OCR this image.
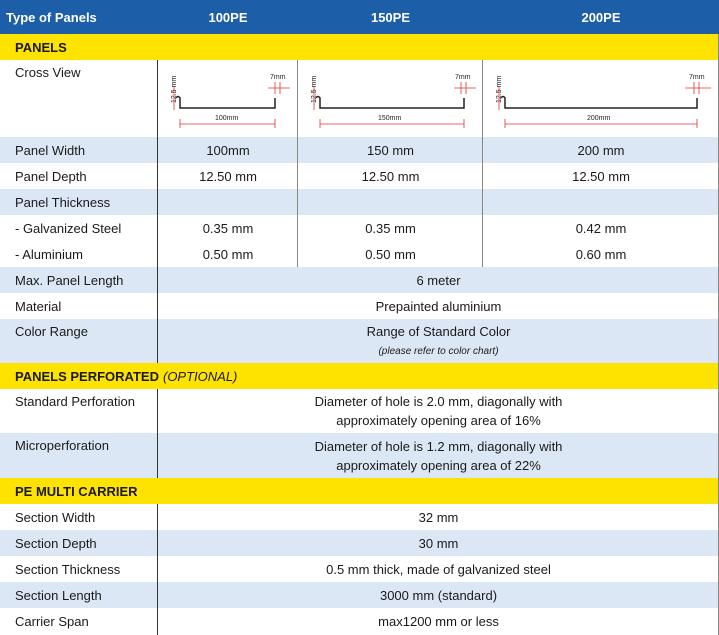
Type of Panels	100PE	150PE	200PE
PANELS
Cross View
12.5 mm	7mm
100mm
12.5 mm	7mm
150mm
12.5 mm	7mm
200mm
Panel Width	100mm	150 mm	200 mm
Panel Depth	12.50 mm	12.50 mm	12.50 mm
Panel Thickness
- Galvanized Steel	0.35 mm	0.35 mm	0.42 mm
- Aluminium	0.50 mm	0.50 mm	0.60 mm
Max. Panel Length	6 meter
Material	Prepainted aluminium
Color Range	Range of Standard Color
(please refer to color chart)
PANELS PERFORATED (OPTIONAL)
Standard Perforation	Diameter of hole is 2.0 mm, diagonally with
approximately opening area of 16%
Microperforation	Diameter of hole is 1.2 mm, diagonally with
approximately opening area of 22%
PE MULTI CARRIER
Section Width	32 mm
Section Depth	30 mm
Section Thickness	0.5 mm thick, made of galvanized steel
Section Length	3000 mm (standard)
Carrier Span	max1200 mm or less
